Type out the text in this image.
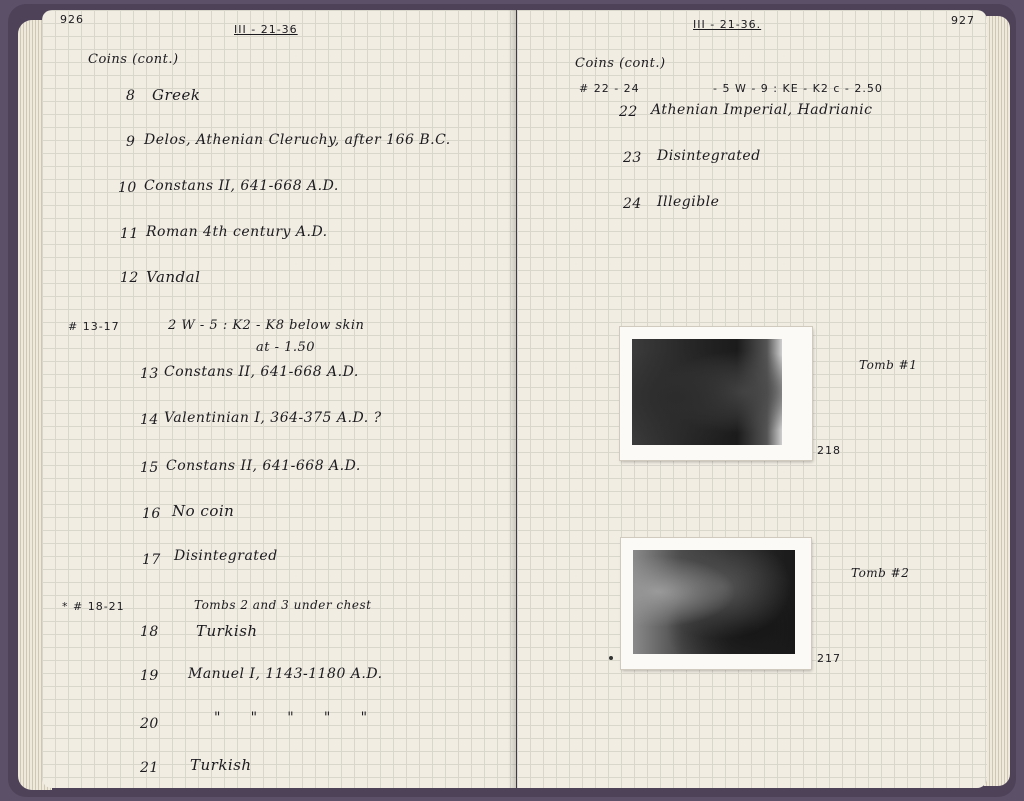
926
III - 21-36
Coins (cont.)
8 Greek
9 Delos, Athenian Cleruchy, after 166 B.C.
10 Constans II, 641-668 A.D.
11 Roman 4th century A.D.
12 Vandal
# 13-17	2 W - 5 : K2 - K8 below skin
at - 1.50
13 Constans II, 641-668 A.D.
14 Valentinian I, 364-375 A.D. ?
15 Constans II, 641-668 A.D.
16 No coin
17 Disintegrated
* # 18-21	Tombs 2 and 3 under chest
18 Turkish
19 Manuel I, 1143-1180 A.D.
20	"      "      "      "      "
21 Turkish
III - 21-36.	927
Coins (cont.)
# 22 - 24	- 5 W - 9 : KE - K2 c - 2.50
22 Athenian Imperial, Hadrianic
23 Disintegrated
24 Illegible
Tomb #1
218
Tomb #2
217
